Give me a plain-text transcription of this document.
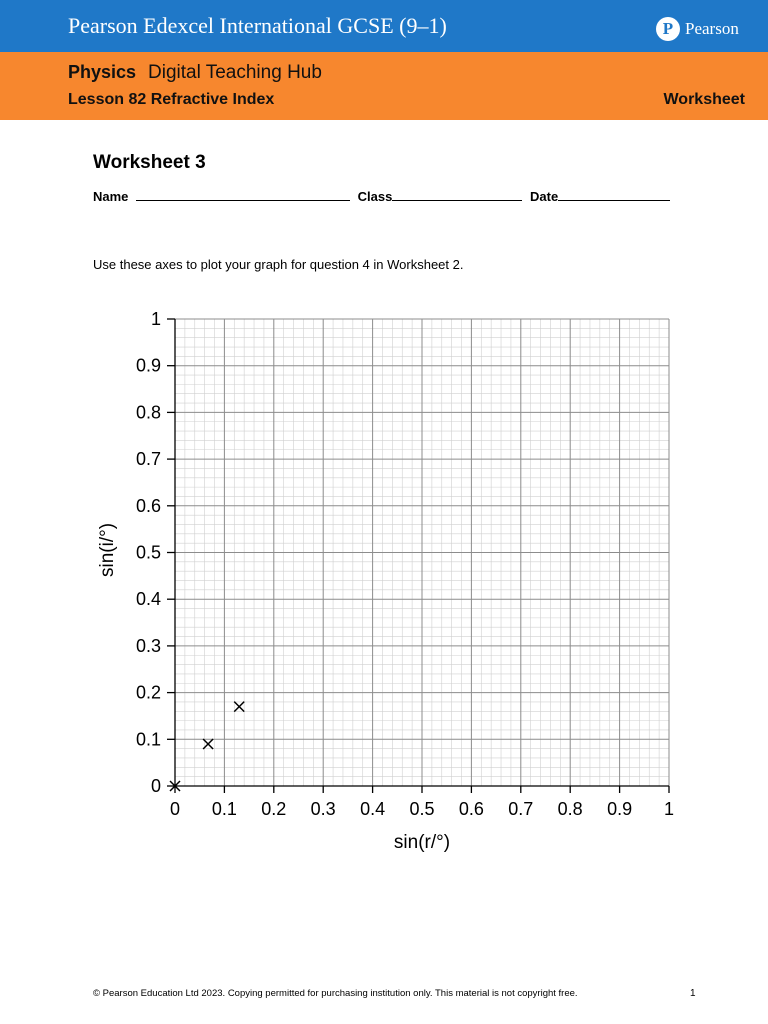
Pearson Edexcel International GCSE (9–1)	P Pearson
Physics Digital Teaching Hub
Lesson 82 Refractive Index	Worksheet
Worksheet 3
Name	Class	Date
Use these axes to plot your graph for question 4 in Worksheet 2.
0 0.1 0.2 0.3 0.4 0.5 0.6 0.7 0.8 0.9 1
0
0.1
0.2
0.3
0.4
0.5
0.6
0.7
0.8
0.9
1
sin(r/°)
sin(i/°)
© Pearson Education Ltd 2023. Copying permitted for purchasing institution only. This material is not copyright free.	1
